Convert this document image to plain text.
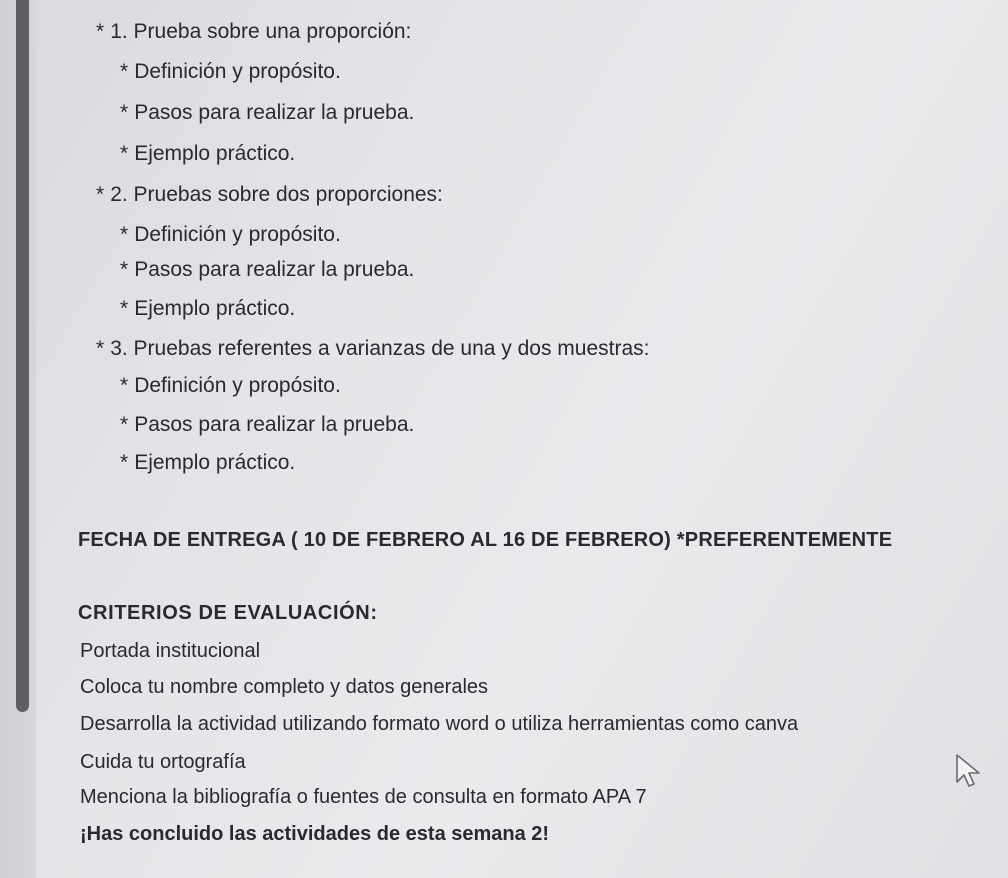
* 1. Prueba sobre una proporción:
* Definición y propósito.
* Pasos para realizar la prueba.
* Ejemplo práctico.
* 2. Pruebas sobre dos proporciones:
* Definición y propósito.
* Pasos para realizar la prueba.
* Ejemplo práctico.
* 3. Pruebas referentes a varianzas de una y dos muestras:
* Definición y propósito.
* Pasos para realizar la prueba.
* Ejemplo práctico.
FECHA DE ENTREGA ( 10 DE FEBRERO AL 16 DE FEBRERO) *PREFERENTEMENTE
CRITERIOS DE EVALUACIÓN:
Portada institucional
Coloca tu nombre completo y datos generales
Desarrolla la actividad utilizando formato word o utiliza herramientas como canva
Cuida tu ortografía
Menciona la bibliografía o fuentes de consulta en formato APA 7
¡Has concluido las actividades de esta semana 2!
